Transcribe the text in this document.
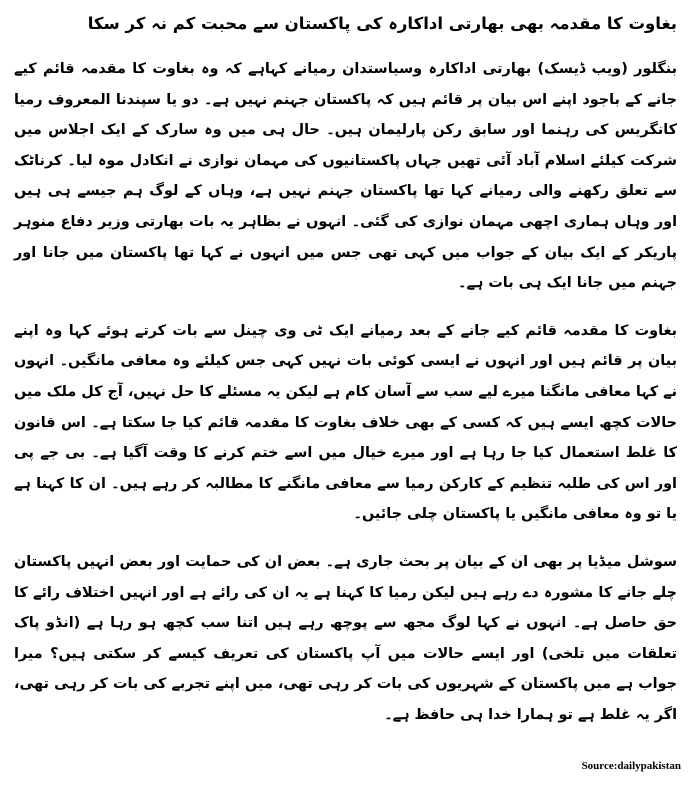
بغاوت کا مقدمہ بھی بھارتی اداکارہ کی پاکستان سے محبت کم نہ کر سکا

بنگلور (ویب ڈیسک) بھارتی اداکارہ وسیاستدان رمیانے کہاہے کہ وہ بغاوت کا مقدمہ قائم کیے جانے کے باجود اپنے اس بیان پر قائم ہیں کہ پاکستان جہنم نہیں ہے۔ دو یا سپندنا المعروف رمیا کانگریس کی رہنما اور سابق رکن پارلیمان ہیں۔ حال ہی میں وہ سارک کے ایک اجلاس میں شرکت کیلئے اسلام آباد آئی تھیں جہاں پاکستانیوں کی مہمان نوازی نے انکادل موہ لیا۔ کرناٹک سے تعلق رکھنے والی رمیانے کہا تھا پاکستان جہنم نہیں ہے، وہاں کے لوگ ہم جیسے ہی ہیں اور وہاں ہماری اچھی مہمان نوازی کی گئی۔ انہوں نے بظاہر یہ بات بھارتی وزیر دفاع منوہر پاریکر کے ایک بیان کے جواب میں کہی تھی جس میں انہوں نے کہا تھا پاکستان میں جانا اور جہنم میں جانا ایک ہی بات ہے۔

بغاوت کا مقدمہ قائم کیے جانے کے بعد رمیانے ایک ٹی وی چینل سے بات کرتے ہوئے کہا وہ اپنے بیان پر قائم ہیں اور انہوں نے ایسی کوئی بات نہیں کہی جس کیلئے وہ معافی مانگیں۔ انہوں نے کہا معافی مانگنا میرے لیے سب سے آسان کام ہے لیکن یہ مسئلے کا حل نہیں، آج کل ملک میں حالات کچھ ایسے ہیں کہ کسی کے بھی خلاف بغاوت کا مقدمہ قائم کیا جا سکتا ہے۔ اس قانون کا غلط استعمال کیا جا رہا ہے اور میرے خیال میں اسے ختم کرنے کا وقت آگیا ہے۔ بی جے پی اور اس کی طلبہ تنظیم کے کارکن رمیا سے معافی مانگنے کا مطالبہ کر رہے ہیں۔ ان کا کہنا ہے یا تو وہ معافی مانگیں یا پاکستان چلی جائیں۔

سوشل میڈیا پر بھی ان کے بیان پر بحث جاری ہے۔ بعض ان کی حمایت اور بعض انہیں پاکستان چلے جانے کا مشورہ دے رہے ہیں لیکن رمیا کا کہنا ہے یہ ان کی رائے ہے اور انہیں اختلاف رائے کا حق حاصل ہے۔ انہوں نے کہا لوگ مجھ سے پوچھ رہے ہیں اتنا سب کچھ ہو رہا ہے (انڈو پاک تعلقات میں تلخی) اور ایسے حالات میں آپ پاکستان کی تعریف کیسے کر سکتی ہیں؟ میرا جواب ہے میں پاکستان کے شہریوں کی بات کر رہی تھی، میں اپنے تجربے کی بات کر رہی تھی، اگر یہ غلط ہے تو ہمارا خدا ہی حافظ ہے۔

Source:dailypakistan
